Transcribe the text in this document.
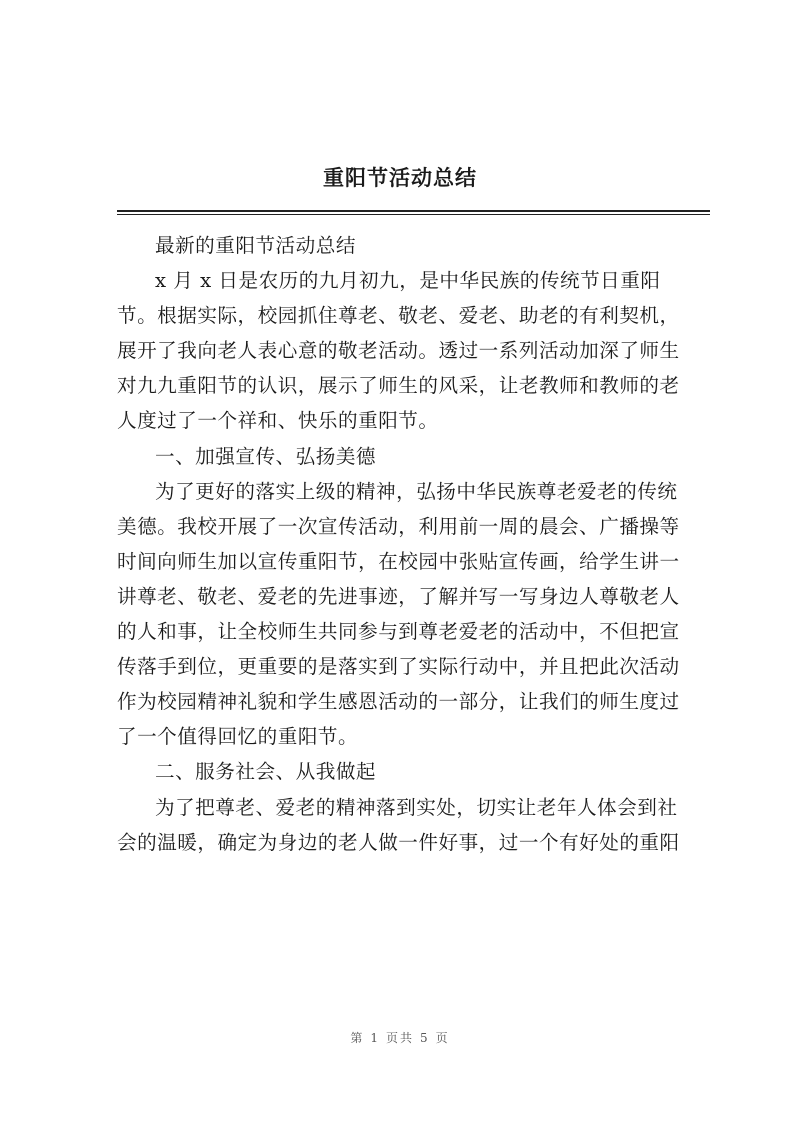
重阳节活动总结
最新的重阳节活动总结
x 月 x 日是农历的九月初九，是中华民族的传统节日重阳
节。根据实际，校园抓住尊老、敬老、爱老、助老的有利契机，
展开了我向老人表心意的敬老活动。透过一系列活动加深了师生
对九九重阳节的认识，展示了师生的风采，让老教师和教师的老
人度过了一个祥和、快乐的重阳节。
一、加强宣传、弘扬美德
为了更好的落实上级的精神，弘扬中华民族尊老爱老的传统
美德。我校开展了一次宣传活动，利用前一周的晨会、广播操等
时间向师生加以宣传重阳节，在校园中张贴宣传画，给学生讲一
讲尊老、敬老、爱老的先进事迹，了解并写一写身边人尊敬老人
的人和事，让全校师生共同参与到尊老爱老的活动中，不但把宣
传落手到位，更重要的是落实到了实际行动中，并且把此次活动
作为校园精神礼貌和学生感恩活动的一部分，让我们的师生度过
了一个值得回忆的重阳节。
二、服务社会、从我做起
为了把尊老、爱老的精神落到实处，切实让老年人体会到社
会的温暖，确定为身边的老人做一件好事，过一个有好处的重阳
第 1 页共 5 页
